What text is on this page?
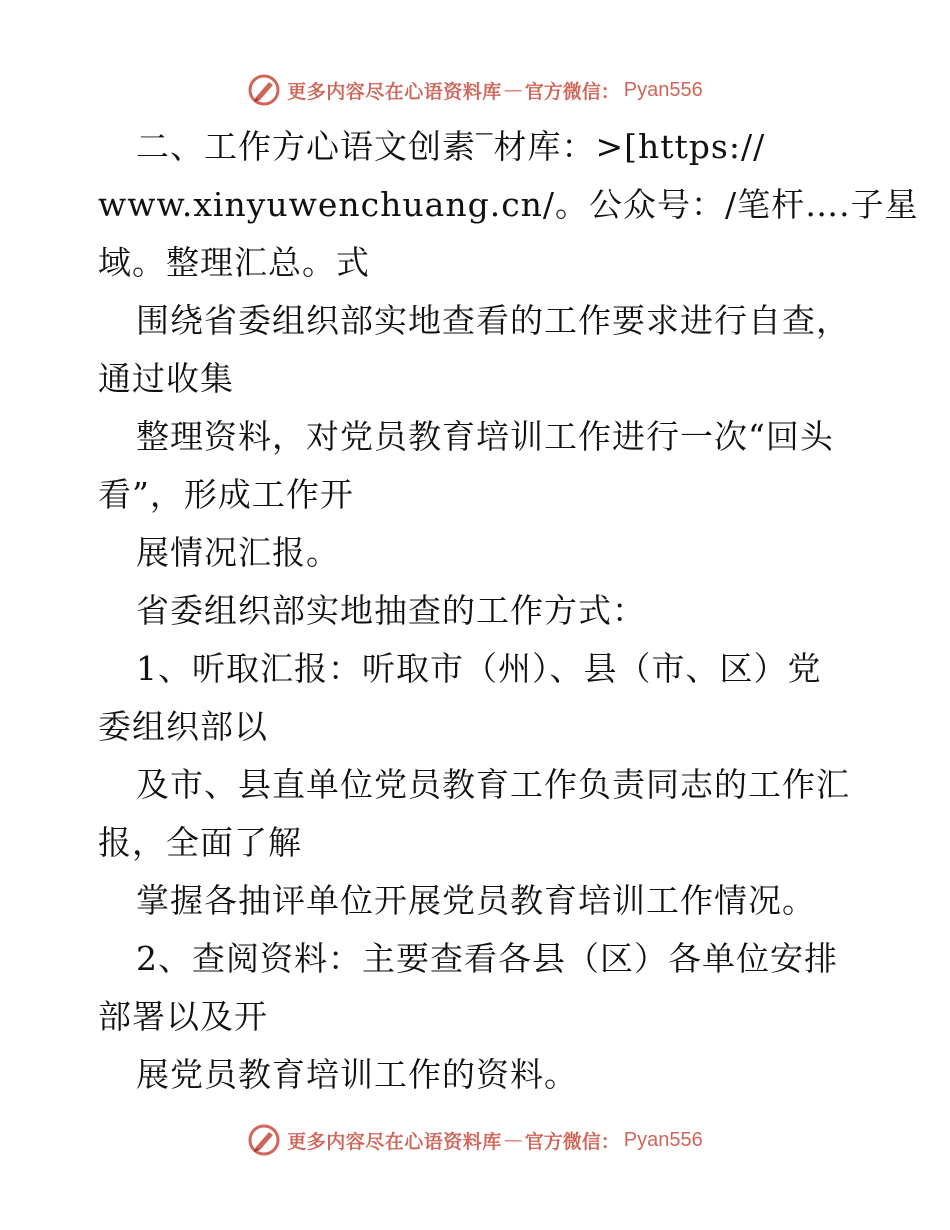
更多内容尽在心语资料库 — 官方微信： Pyan556
二、工作方心语文创素‾材库：>[https://
www.xinyuwenchuang.cn/。公众号：/笔杆….子星
域。整理汇总。式
围绕省委组织部实地查看的工作要求进行自查，
通过收集
整理资料，对党员教育培训工作进行一次“回头
看”，形成工作开
展情况汇报。
省委组织部实地抽查的工作方式：
1、听取汇报：听取市（州）、县（市、区）党
委组织部以
及市、县直单位党员教育工作负责同志的工作汇
报，全面了解
掌握各抽评单位开展党员教育培训工作情况。
2、查阅资料：主要查看各县（区）各单位安排
部署以及开
展党员教育培训工作的资料。
更多内容尽在心语资料库 — 官方微信： Pyan556
